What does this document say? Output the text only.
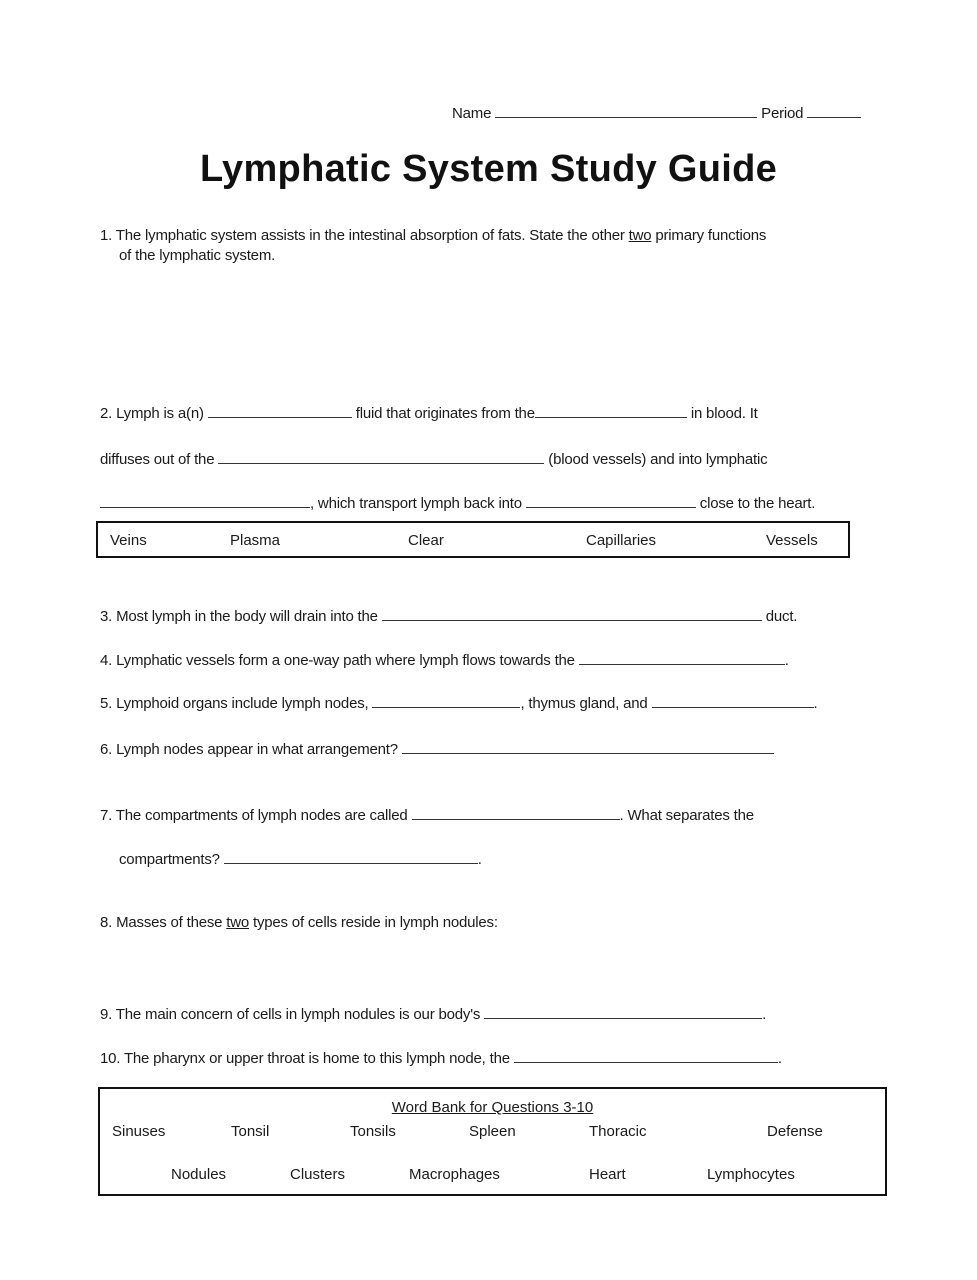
Name	Period
Lymphatic System Study Guide
1. The lymphatic system assists in the intestinal absorption of fats. State the other two primary functions
of the lymphatic system.
2. Lymph is a(n)	fluid that originates from the	in blood. It
diffuses out of the	(blood vessels) and into lymphatic
, which transport lymph back into	close to the heart.
Veins	Plasma	Clear	Capillaries	Vessels
3. Most lymph in the body will drain into the	duct.
4. Lymphatic vessels form a one-way path where lymph flows towards the	.
5. Lymphoid organs include lymph nodes,	, thymus gland, and	.
6. Lymph nodes appear in what arrangement?
7. The compartments of lymph nodes are called	. What separates the
compartments?	.
8. Masses of these two types of cells reside in lymph nodules:
9. The main concern of cells in lymph nodules is our body's	.
10. The pharynx or upper throat is home to this lymph node, the	.
Word Bank for Questions 3-10
Sinuses	Tonsil	Tonsils	Spleen	Thoracic	Defense
Nodules	Clusters	Macrophages	Heart	Lymphocytes
